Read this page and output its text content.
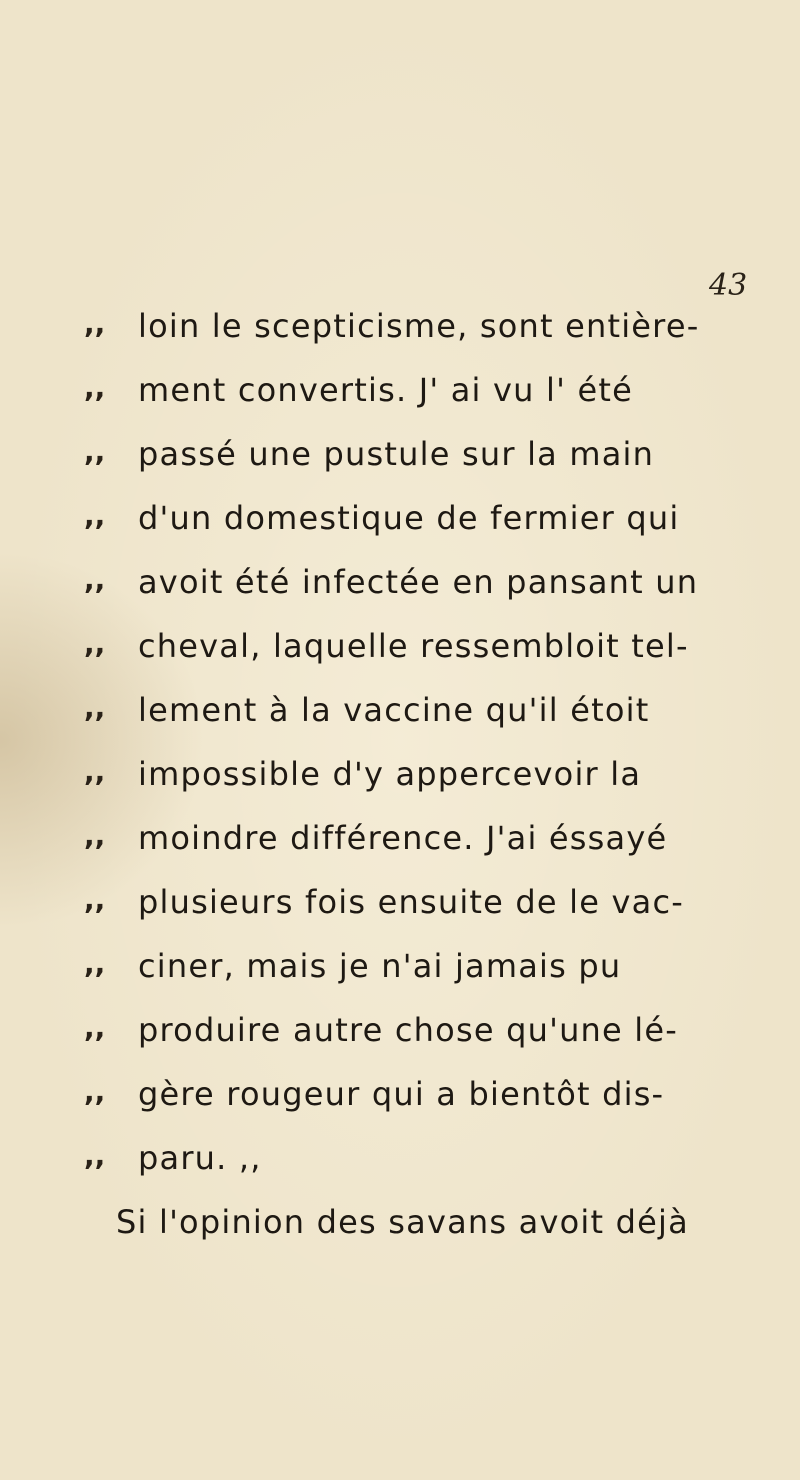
43

,, loin le scepticisme, sont entière-
,, ment convertis. J' ai vu l' été
,, passé une pustule sur la main
,, d'un domestique de fermier qui
,, avoit été infectée en pansant un
,, cheval, laquelle ressembloit tel-
,, lement à la vaccine qu'il étoit
,, impossible d'y appercevoir la
,, moindre différence. J'ai éssayé
,, plusieurs fois ensuite de le vac-
,, ciner, mais je n'ai jamais pu
,, produire autre chose qu'une lé-
,, gère rougeur qui a bientôt dis-
,, paru. ,,
Si l'opinion des savans avoit déjà
